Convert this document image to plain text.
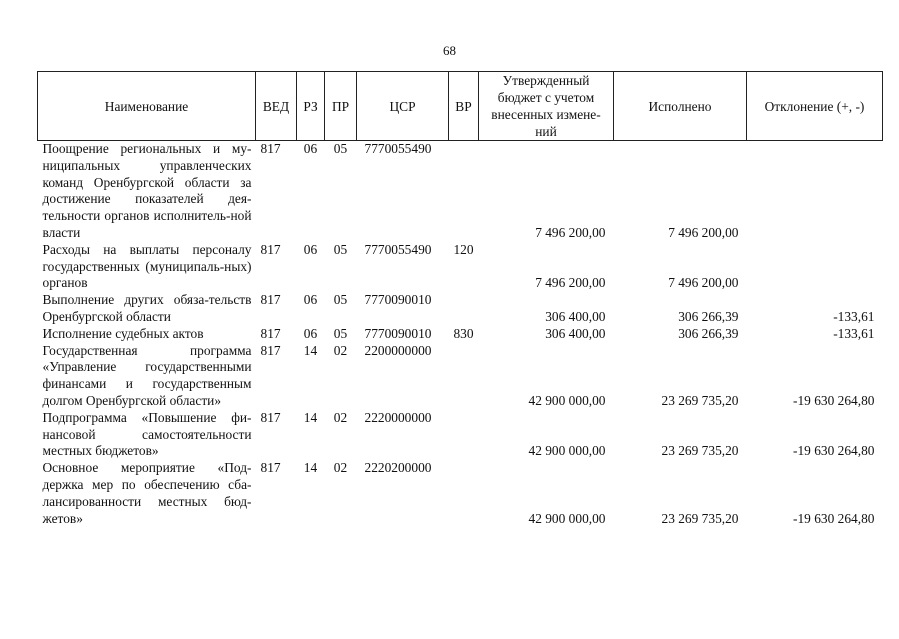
68
Наименование	ВЕД	РЗ	ПР	ЦСР	ВР	Утвержденный бюджет с учетом внесенных измене-ний	Исполнено	Отклонение (+, -)
Поощрение региональных и му-ниципальных управленческих команд Оренбургской области за достижение показателей дея-тельности органов исполнитель-ной власти	817	06	05	7770055490		7 496 200,00	7 496 200,00	
Расходы на выплаты персоналу государственных (муниципаль-ных) органов	817	06	05	7770055490	120	7 496 200,00	7 496 200,00	
Выполнение других обяза-тельств Оренбургской области	817	06	05	7770090010		306 400,00	306 266,39	-133,61
Исполнение судебных актов	817	06	05	7770090010	830	306 400,00	306 266,39	-133,61
Государственная программа «Управление государственными финансами и государственным долгом Оренбургской области»	817	14	02	2200000000		42 900 000,00	23 269 735,20	-19 630 264,80
Подпрограмма «Повышение фи-нансовой самостоятельности местных бюджетов»	817	14	02	2220000000		42 900 000,00	23 269 735,20	-19 630 264,80
Основное мероприятие «Под-держка мер по обеспечению сба-лансированности местных бюд-жетов»	817	14	02	2220200000		42 900 000,00	23 269 735,20	-19 630 264,80
